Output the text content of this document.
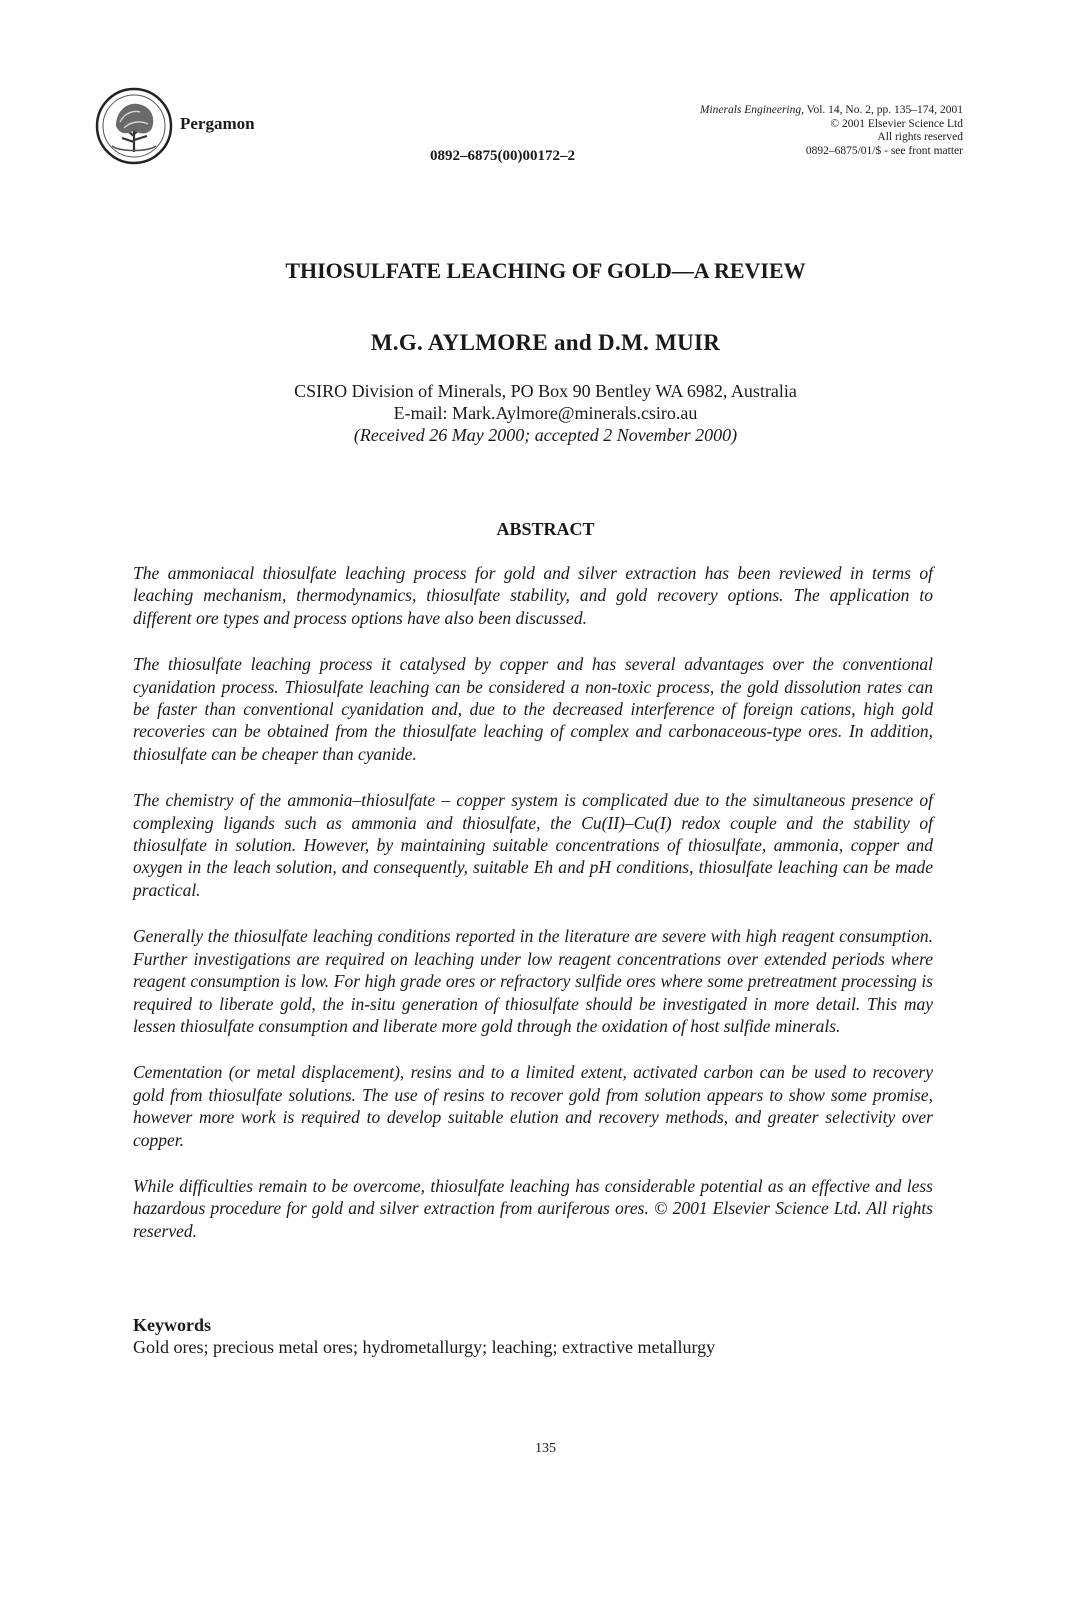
Pergamon
0892–6875(00)00172–2
Minerals Engineering, Vol. 14, No. 2, pp. 135–174, 2001
© 2001 Elsevier Science Ltd
All rights reserved
0892–6875/01/$ - see front matter
THIOSULFATE LEACHING OF GOLD—A REVIEW
M.G. AYLMORE and D.M. MUIR
CSIRO Division of Minerals, PO Box 90 Bentley WA 6982, Australia
E-mail: Mark.Aylmore@minerals.csiro.au
(Received 26 May 2000; accepted 2 November 2000)
ABSTRACT

The ammoniacal thiosulfate leaching process for gold and silver extraction has been reviewed in terms of leaching mechanism, thermodynamics, thiosulfate stability, and gold recovery options. The application to different ore types and process options have also been discussed.

The thiosulfate leaching process it catalysed by copper and has several advantages over the conventional cyanidation process. Thiosulfate leaching can be considered a non-toxic process, the gold dissolution rates can be faster than conventional cyanidation and, due to the decreased interference of foreign cations, high gold recoveries can be obtained from the thiosulfate leaching of complex and carbonaceous-type ores. In addition, thiosulfate can be cheaper than cyanide.

The chemistry of the ammonia–thiosulfate – copper system is complicated due to the simultaneous presence of complexing ligands such as ammonia and thiosulfate, the Cu(II)–Cu(I) redox couple and the stability of thiosulfate in solution. However, by maintaining suitable concentrations of thiosulfate, ammonia, copper and oxygen in the leach solution, and consequently, suitable Eh and pH conditions, thiosulfate leaching can be made practical.

Generally the thiosulfate leaching conditions reported in the literature are severe with high reagent consumption. Further investigations are required on leaching under low reagent concentrations over extended periods where reagent consumption is low. For high grade ores or refractory sulfide ores where some pretreatment processing is required to liberate gold, the in-situ generation of thiosulfate should be investigated in more detail. This may lessen thiosulfate consumption and liberate more gold through the oxidation of host sulfide minerals.

Cementation (or metal displacement), resins and to a limited extent, activated carbon can be used to recovery gold from thiosulfate solutions. The use of resins to recover gold from solution appears to show some promise, however more work is required to develop suitable elution and recovery methods, and greater selectivity over copper.

While difficulties remain to be overcome, thiosulfate leaching has considerable potential as an effective and less hazardous procedure for gold and silver extraction from auriferous ores. © 2001 Elsevier Science Ltd. All rights reserved.

Keywords
Gold ores; precious metal ores; hydrometallurgy; leaching; extractive metallurgy
135
